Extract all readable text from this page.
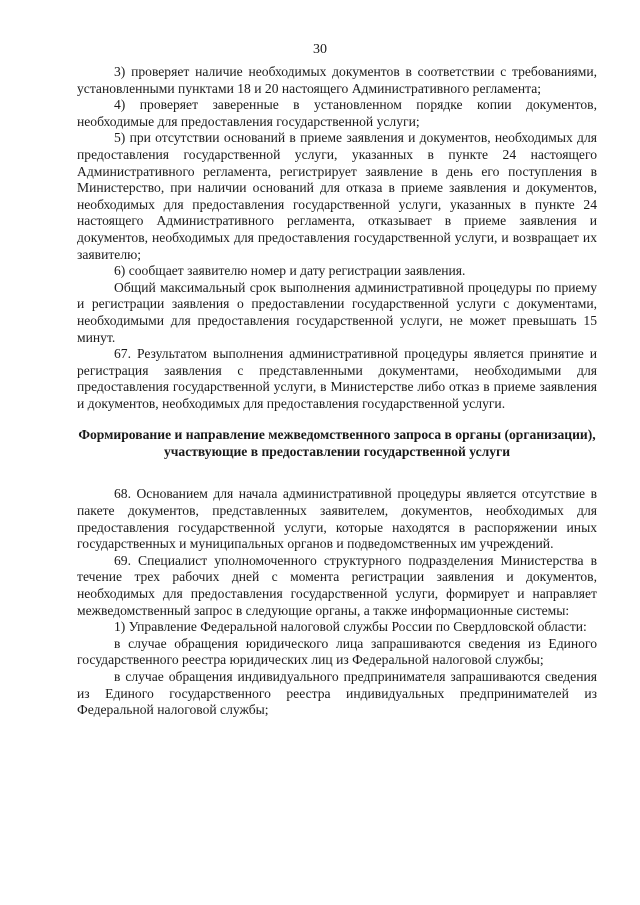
30

3) проверяет наличие необходимых документов в соответствии с требованиями, установленными пунктами 18 и 20 настоящего Административного регламента;

4) проверяет заверенные в установленном порядке копии документов, необходимые для предоставления государственной услуги;

5) при отсутствии оснований в приеме заявления и документов, необходимых для предоставления государственной услуги, указанных в пункте 24 настоящего Административного регламента, регистрирует заявление в день его поступления в Министерство, при наличии оснований для отказа в приеме заявления и документов, необходимых для предоставления государственной услуги, указанных в пункте 24 настоящего Административного регламента, отказывает в приеме заявления и документов, необходимых для предоставления государственной услуги, и возвращает их заявителю;

6) сообщает заявителю номер и дату регистрации заявления.

Общий максимальный срок выполнения административной процедуры по приему и регистрации заявления о предоставлении государственной услуги с документами, необходимыми для предоставления государственной услуги, не может превышать 15 минут.

67. Результатом выполнения административной процедуры является принятие и регистрация заявления с представленными документами, необходимыми для предоставления государственной услуги, в Министерстве либо отказ в приеме заявления и документов, необходимых для предоставления государственной услуги.

Формирование и направление межведомственного запроса в органы (организации), участвующие в предоставлении государственной услуги

68. Основанием для начала административной процедуры является отсутствие в пакете документов, представленных заявителем, документов, необходимых для предоставления государственной услуги, которые находятся в распоряжении иных государственных и муниципальных органов и подведомственных им учреждений.

69. Специалист уполномоченного структурного подразделения Министерства в течение трех рабочих дней с момента регистрации заявления и документов, необходимых для предоставления государственной услуги, формирует и направляет межведомственный запрос в следующие органы, а также информационные системы:

1) Управление Федеральной налоговой службы России по Свердловской области:

в случае обращения юридического лица запрашиваются сведения из Единого государственного реестра юридических лиц из Федеральной налоговой службы;

в случае обращения индивидуального предпринимателя запрашиваются сведения из Единого государственного реестра индивидуальных предпринимателей из Федеральной налоговой службы;
